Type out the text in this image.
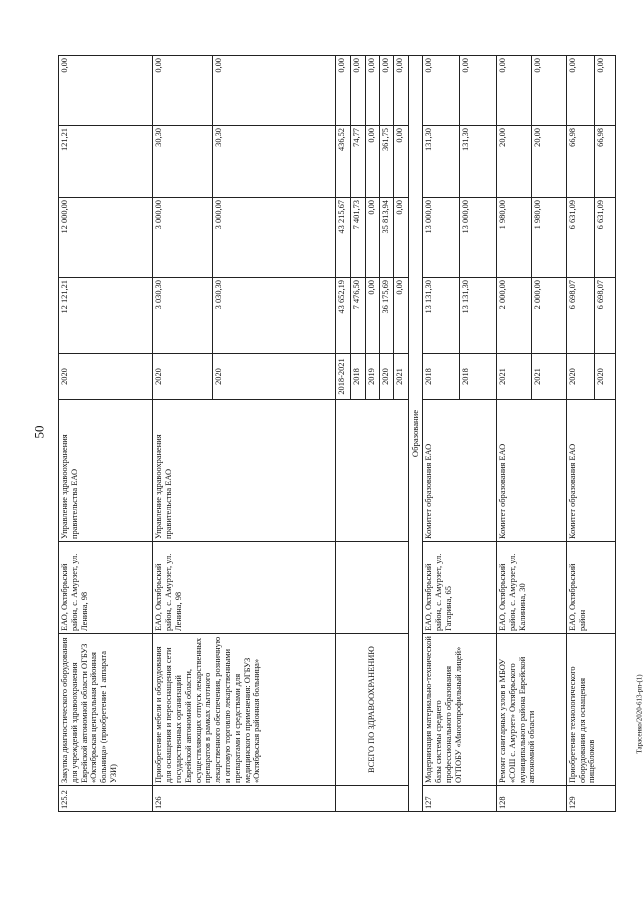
50
Тарасенко/2020-613-рп-(1)
125.2	Закупка диагностического оборудования для учреждений здравоохранения Еврейской автономной области ОГБУЗ «Октябрьская центральная районная больница» (приобретение 1 аппарата УЗИ)	ЕАО, Октябрьский район, с. Амурзет, ул. Ленина, 98	Управление здравоохранения правительства ЕАО	2020	12 121,21	12 000,00	121,21	0,00
126	Приобретение мебели и оборудования для оснащения и переоснащения сети государственных организаций Еврейской автономной области, осуществляющих отпуск лекарственных препаратов в рамках льготного лекарственного обеспечения, розничную и оптовую торговлю лекарственными препаратами и средствами для медицинского применения: ОГБУЗ «Октябрьская районная больница»	ЕАО, Октябрьский район, с. Амурзет, ул. Ленина, 98	Управление здравоохранения правительства ЕАО	2020	3 030,30	3 000,00	30,30	0,00
				2020	3 030,30	3 000,00	30,30	0,00
	ВСЕГО ПО ЗДРАВООХРАНЕНИЮ			2018-2021	43 652,19	43 215,67	436,52	0,00
				2018	7 476,50	7 401,73	74,77	0,00
				2019	0,00	0,00	0,00	0,00
				2020	36 175,69	35 813,94	361,75	0,00
				2021	0,00	0,00	0,00	0,00
Образование								
127	Модернизация материально-технической базы системы среднего профессионального образования ОГПОБУ «Многопрофильный лицей»	ЕАО, Октябрьский район, с. Амурзет, ул. Гагарина, 65	Комитет образования ЕАО	2018	13 131,30	13 000,00	131,30	0,00
				2018	13 131,30	13 000,00	131,30	0,00
128	Ремонт санитарных узлов в МБОУ «СОШ с. Амурзет» Октябрьского муниципального района Еврейской автономной области	ЕАО, Октябрьский район, с. Амурзет, ул. Калинина, 30	Комитет образования ЕАО	2021	2 000,00	1 980,00	20,00	0,00
				2021	2 000,00	1 980,00	20,00	0,00
129	Приобретение технологического оборудования для оснащения пищеблоков	ЕАО, Октябрьский район	Комитет образования ЕАО	2020	6 698,07	6 631,09	66,98	0,00
				2020	6 698,07	6 631,09	66,98	0,00
